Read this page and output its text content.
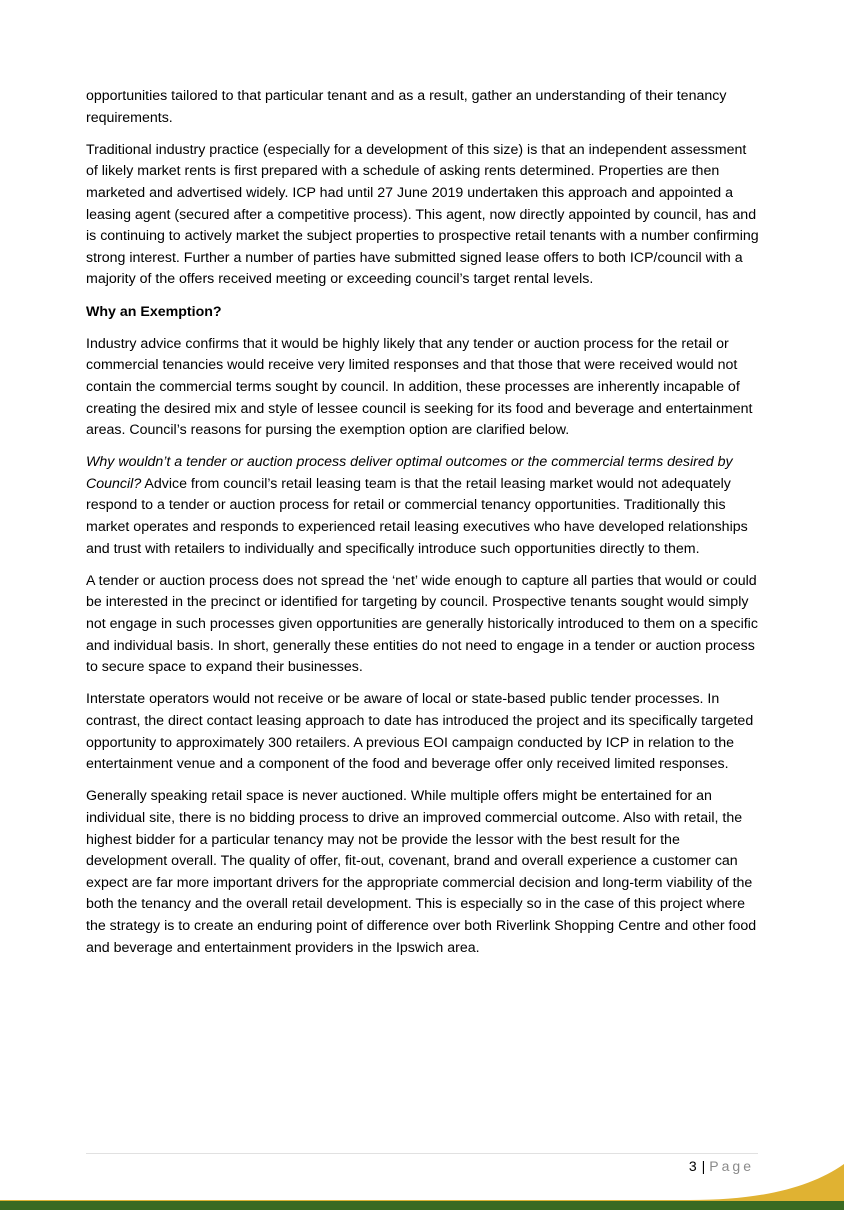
opportunities tailored to that particular tenant and as a result, gather an understanding of their tenancy requirements.

Traditional industry practice (especially for a development of this size) is that an independent assessment of likely market rents is first prepared with a schedule of asking rents determined. Properties are then marketed and advertised widely. ICP had until 27 June 2019 undertaken this approach and appointed a leasing agent (secured after a competitive process). This agent, now directly appointed by council, has and is continuing to actively market the subject properties to prospective retail tenants with a number confirming strong interest. Further a number of parties have submitted signed lease offers to both ICP/council with a majority of the offers received meeting or exceeding council’s target rental levels.

Why an Exemption?

Industry advice confirms that it would be highly likely that any tender or auction process for the retail or commercial tenancies would receive very limited responses and that those that were received would not contain the commercial terms sought by council. In addition, these processes are inherently incapable of creating the desired mix and style of lessee council is seeking for its food and beverage and entertainment areas. Council’s reasons for pursing the exemption option are clarified below.

Why wouldn’t a tender or auction process deliver optimal outcomes or the commercial terms desired by Council? Advice from council’s retail leasing team is that the retail leasing market would not adequately respond to a tender or auction process for retail or commercial tenancy opportunities. Traditionally this market operates and responds to experienced retail leasing executives who have developed relationships and trust with retailers to individually and specifically introduce such opportunities directly to them.

A tender or auction process does not spread the ‘net’ wide enough to capture all parties that would or could be interested in the precinct or identified for targeting by council. Prospective tenants sought would simply not engage in such processes given opportunities are generally historically introduced to them on a specific and individual basis. In short, generally these entities do not need to engage in a tender or auction process to secure space to expand their businesses.

Interstate operators would not receive or be aware of local or state-based public tender processes. In contrast, the direct contact leasing approach to date has introduced the project and its specifically targeted opportunity to approximately 300 retailers. A previous EOI campaign conducted by ICP in relation to the entertainment venue and a component of the food and beverage offer only received limited responses.

Generally speaking retail space is never auctioned. While multiple offers might be entertained for an individual site, there is no bidding process to drive an improved commercial outcome. Also with retail, the highest bidder for a particular tenancy may not be provide the lessor with the best result for the development overall. The quality of offer, fit-out, covenant, brand and overall experience a customer can expect are far more important drivers for the appropriate commercial decision and long-term viability of the both the tenancy and the overall retail development. This is especially so in the case of this project where the strategy is to create an enduring point of difference over both Riverlink Shopping Centre and other food and beverage and entertainment providers in the Ipswich area.

3 | Page
